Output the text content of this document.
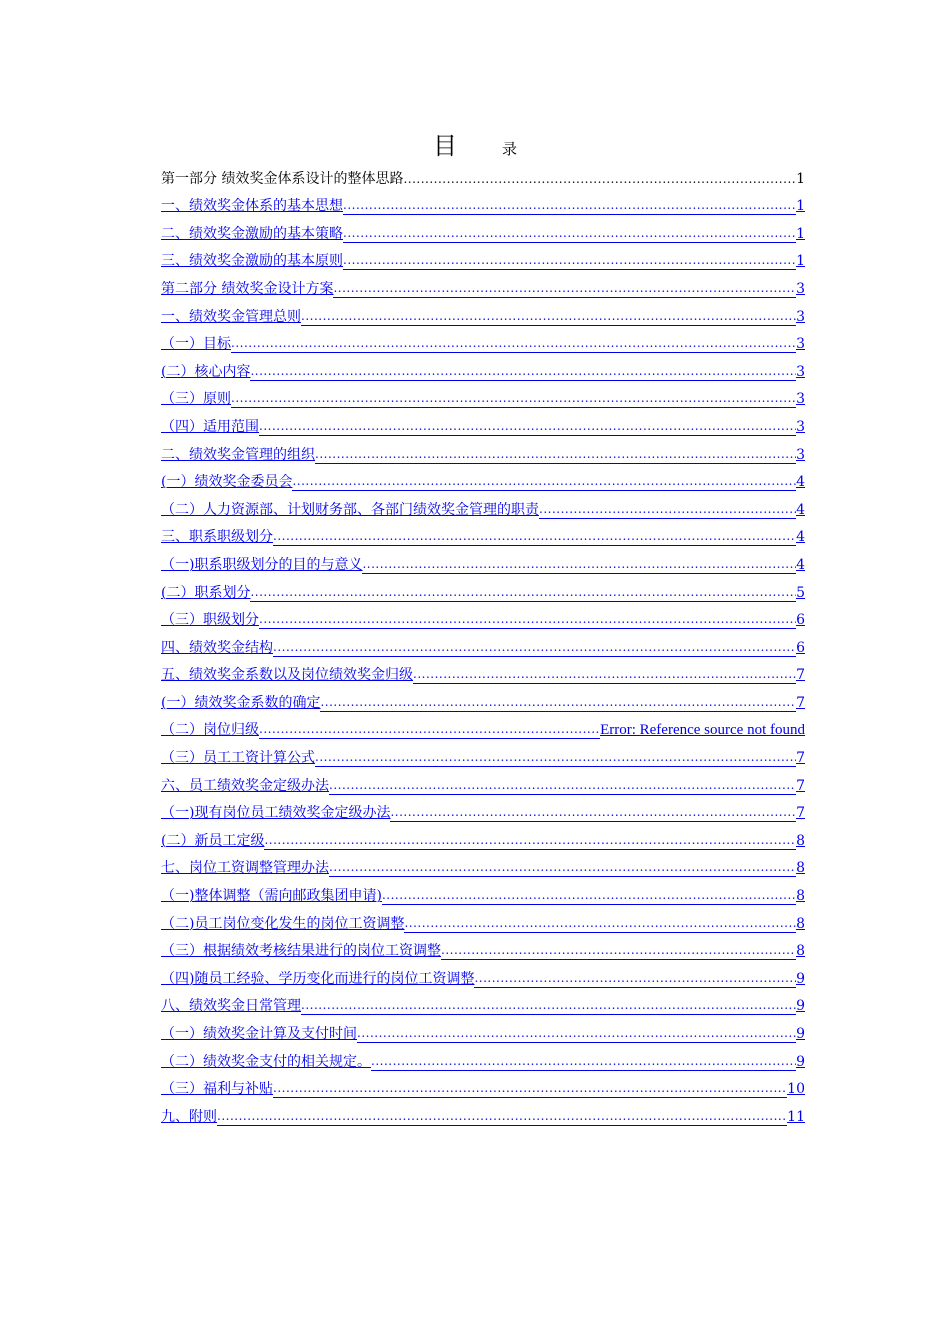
目	录
第一部分 绩效奖金体系设计的整体思路 .....	1
一、绩效奖金体系的基本思想 .....	1
二、绩效奖金激励的基本策略 .....	1
三、绩效奖金激励的基本原则 .....	1
第二部分 绩效奖金设计方案 .....	3
一、绩效奖金管理总则 .....	3
（一）目标 .....	3
(二）核心内容 .....	3
（三）原则 .....	3
（四）适用范围 .....	3
二、绩效奖金管理的组织 .....	3
(一）绩效奖金委员会 .....	4
（二）人力资源部、计划财务部、各部门绩效奖金管理的职责 .....	4
三、职系职级划分 .....	4
（一)职系职级划分的目的与意义 .....	4
(二）职系划分 .....	5
（三）职级划分 .....	6
四、绩效奖金结构 .....	6
五、绩效奖金系数以及岗位绩效奖金归级 .....	7
(一）绩效奖金系数的确定 .....	7
（二）岗位归级 .....	Error: Reference source not found
（三）员工工资计算公式 .....	7
六、员工绩效奖金定级办法 .....	7
（一)现有岗位员工绩效奖金定级办法 .....	7
(二）新员工定级 .....	8
七、岗位工资调整管理办法 .....	8
（一)整体调整（需向邮政集团申请) .....	8
（二)员工岗位变化发生的岗位工资调整 .....	8
（三）根据绩效考核结果进行的岗位工资调整 .....	8
（四)随员工经验、学历变化而进行的岗位工资调整 .....	9
八、绩效奖金日常管理 .....	9
（一）绩效奖金计算及支付时间 .....	9
（二）绩效奖金支付的相关规定。 .....	9
（三）福利与补贴 .....	10
九、附则 .....	11
